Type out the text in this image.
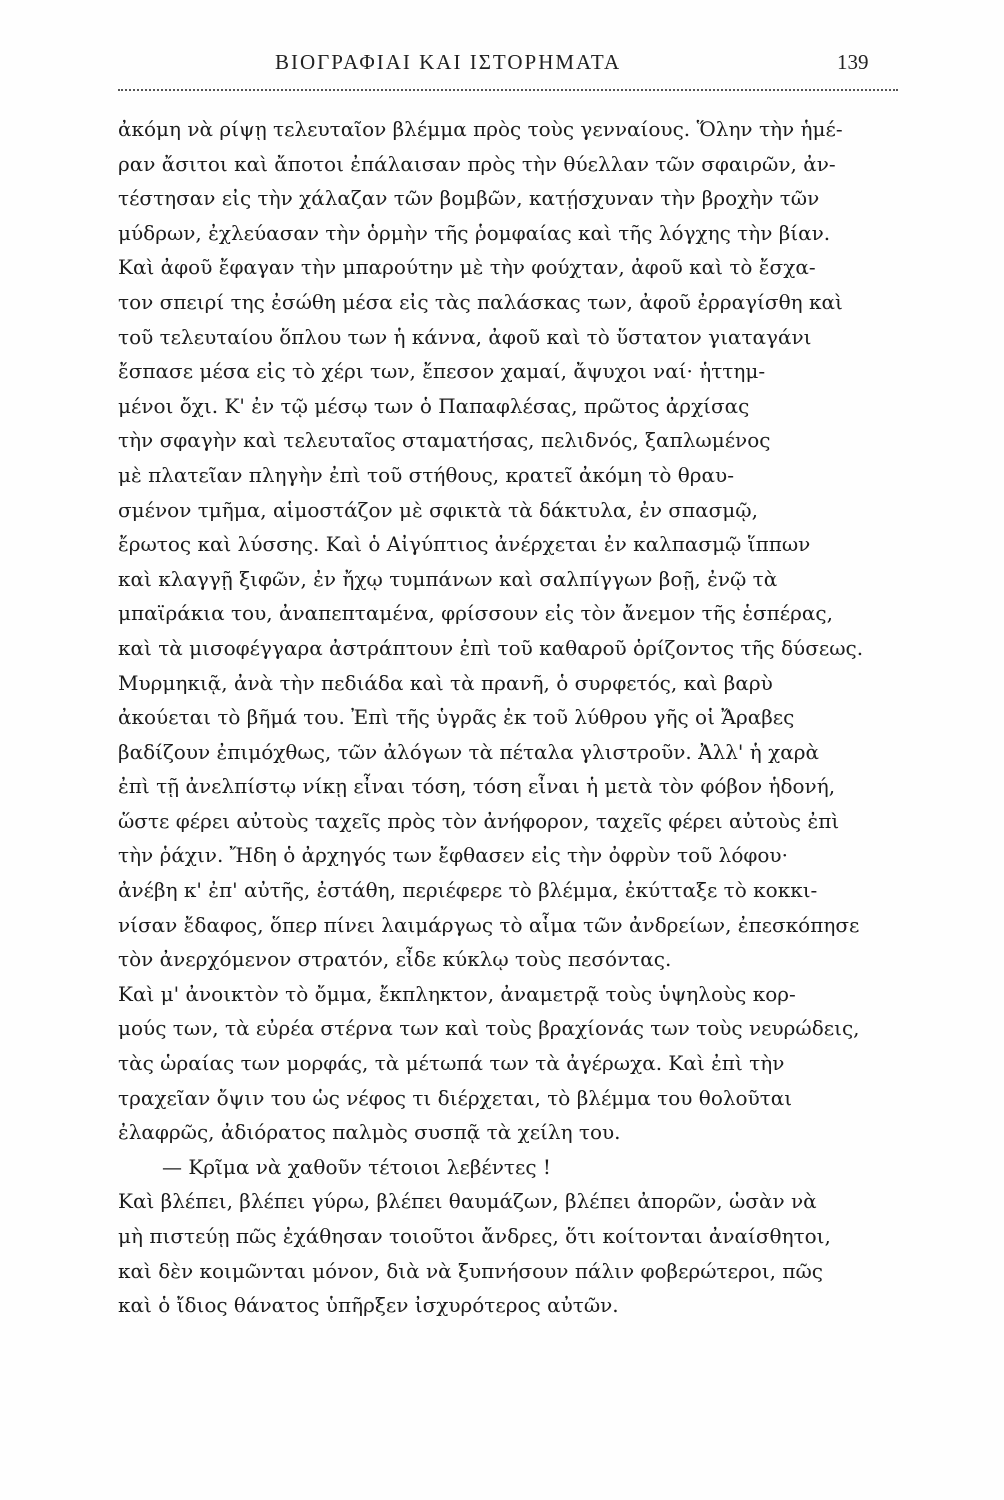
ΒΙΟΓΡΑΦΙΑΙ ΚΑΙ ΙΣΤΟΡΗΜΑΤΑ	139
ἀκόμη νὰ ρίψῃ τελευταῖον βλέμμα πρὸς τοὺς γενναίους. Ὅλην τὴν ἡμέ-
ραν ἄσιτοι καὶ ἄποτοι ἐπάλαισαν πρὸς τὴν θύελλαν τῶν σφαιρῶν, ἀν-
τέστησαν εἰς τὴν χάλαζαν τῶν βομβῶν, κατῄσχυναν τὴν βροχὴν τῶν
μύδρων, ἐχλεύασαν τὴν ὁρμὴν τῆς ῥομφαίας καὶ τῆς λόγχης τὴν βίαν.
Καὶ ἀφοῦ ἔφαγαν τὴν μπαρούτην μὲ τὴν φούχταν, ἀφοῦ καὶ τὸ ἔσχα-
τον σπειρί της ἐσώθη μέσα εἰς τὰς παλάσκας των, ἀφοῦ ἐρραγίσθη καὶ
τοῦ τελευταίου ὅπλου των ἡ κάννα, ἀφοῦ καὶ τὸ ὕστατον γιαταγάνι
ἔσπασε μέσα εἰς τὸ χέρι των, ἔπεσον χαμαί, ἄψυχοι ναί· ἡττημ-
μένοι ὄχι. Κ' ἐν τῷ μέσῳ των ὁ Παπαφλέσας, πρῶτος ἀρχίσας
τὴν σφαγὴν καὶ τελευταῖος σταματήσας, πελιδνός, ξαπλωμένος
μὲ πλατεῖαν πληγὴν ἐπὶ τοῦ στήθους, κρατεῖ ἀκόμη τὸ θραυ-
σμένον τμῆμα, αἱμοστάζον μὲ σφικτὰ τὰ δάκτυλα, ἐν σπασμῷ,
ἔρωτος καὶ λύσσης. Καὶ ὁ Αἰγύπτιος ἀνέρχεται ἐν καλπασμῷ ἵππων
καὶ κλαγγῇ ξιφῶν, ἐν ἤχῳ τυμπάνων καὶ σαλπίγγων βοῇ, ἐνῷ τὰ
μπαϊράκια του, ἀναπεπταμένα, φρίσσουν εἰς τὸν ἄνεμον τῆς ἑσπέρας,
καὶ τὰ μισοφέγγαρα ἀστράπτουν ἐπὶ τοῦ καθαροῦ ὁρίζοντος τῆς δύσεως.
Μυρμηκιᾷ, ἀνὰ τὴν πεδιάδα καὶ τὰ πρανῆ, ὁ συρφετός, καὶ βαρὺ
ἀκούεται τὸ βῆμά του. Ἐπὶ τῆς ὑγρᾶς ἐκ τοῦ λύθρου γῆς οἱ Ἄραβες
βαδίζουν ἐπιμόχθως, τῶν ἀλόγων τὰ πέταλα γλιστροῦν. Ἀλλ' ἡ χαρὰ
ἐπὶ τῇ ἀνελπίστῳ νίκῃ εἶναι τόση, τόση εἶναι ἡ μετὰ τὸν φόβον ἡδονή,
ὥστε φέρει αὐτοὺς ταχεῖς πρὸς τὸν ἀνήφορον, ταχεῖς φέρει αὐτοὺς ἐπὶ
τὴν ῥάχιν. Ἤδη ὁ ἀρχηγός των ἔφθασεν εἰς τὴν ὀφρὺν τοῦ λόφου·
ἀνέβη κ' ἐπ' αὐτῆς, ἐστάθη, περιέφερε τὸ βλέμμα, ἐκύτταξε τὸ κοκκι-
νίσαν ἔδαφος, ὅπερ πίνει λαιμάργως τὸ αἷμα τῶν ἀνδρείων, ἐπεσκόπησε
τὸν ἀνερχόμενον στρατόν, εἶδε κύκλῳ τοὺς πεσόντας.
Καὶ μ' ἀνοικτὸν τὸ ὄμμα, ἔκπληκτον, ἀναμετρᾷ τοὺς ὑψηλοὺς κορ-
μούς των, τὰ εὐρέα στέρνα των καὶ τοὺς βραχίονάς των τοὺς νευρώδεις,
τὰς ὡραίας των μορφάς, τὰ μέτωπά των τὰ ἀγέρωχα. Καὶ ἐπὶ τὴν
τραχεῖαν ὄψιν του ὡς νέφος τι διέρχεται, τὸ βλέμμα του θολοῦται
ἐλαφρῶς, ἀδιόρατος παλμὸς συσπᾷ τὰ χείλη του.
— Κρῖμα νὰ χαθοῦν τέτοιοι λεβέντες !
Καὶ βλέπει, βλέπει γύρω, βλέπει θαυμάζων, βλέπει ἀπορῶν, ὡσὰν νὰ
μὴ πιστεύῃ πῶς ἐχάθησαν τοιοῦτοι ἄνδρες, ὅτι κοίτονται ἀναίσθητοι,
καὶ δὲν κοιμῶνται μόνον, διὰ νὰ ξυπνήσουν πάλιν φοβερώτεροι, πῶς
καὶ ὁ ἴδιος θάνατος ὑπῆρξεν ἰσχυρότερος αὐτῶν.
